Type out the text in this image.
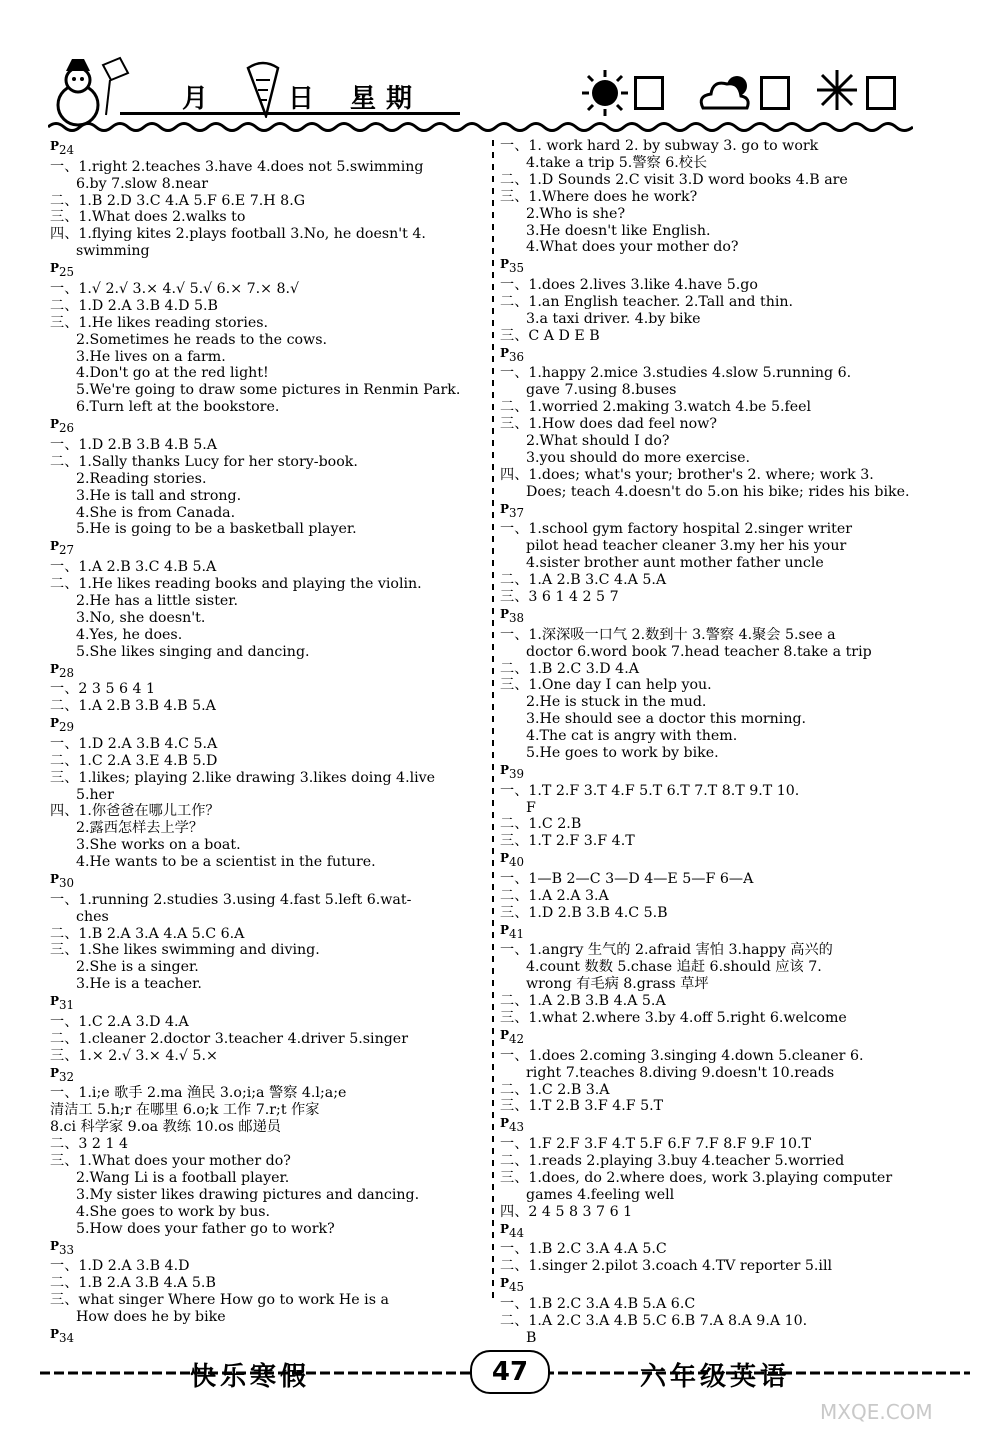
月	日 星期
$P_{24}$
一、1.right 2.teaches 3.have 4.does not 5.swimming
6.by 7.slow 8.near
二、1.B 2.D 3.C 4.A 5.F 6.E 7.H 8.G
三、1.What does 2.walks to
四、1.flying kites 2.plays football 3.No, he doesn't 4.
swimming
$P_{25}$
一、1.√ 2.√ 3.× 4.√ 5.√ 6.× 7.× 8.√
二、1.D 2.A 3.B 4.D 5.B
三、1.He likes reading stories.
2.Sometimes he reads to the cows.
3.He lives on a farm.
4.Don't go at the red light!
5.We're going to draw some pictures in Renmin Park.
6.Turn left at the bookstore.
$P_{26}$
一、1.D 2.B 3.B 4.B 5.A
二、1.Sally thanks Lucy for her story-book.
2.Reading stories.
3.He is tall and strong.
4.She is from Canada.
5.He is going to be a basketball player.
$P_{27}$
一、1.A 2.B 3.C 4.B 5.A
二、1.He likes reading books and playing the violin.
2.He has a little sister.
3.No, she doesn't.
4.Yes, he does.
5.She likes singing and dancing.
$P_{28}$
一、2 3 5 6 4 1
二、1.A 2.B 3.B 4.B 5.A
$P_{29}$
一、1.D 2.A 3.B 4.C 5.A
二、1.C 2.A 3.E 4.B 5.D
三、1.likes; playing 2.like drawing 3.likes doing 4.live
5.her
四、1.你爸爸在哪儿工作？
2.露西怎样去上学？
3.She works on a boat.
4.He wants to be a scientist in the future.
$P_{30}$
一、1.running 2.studies 3.using 4.fast 5.left 6.wat-
ches
二、1.B 2.A 3.A 4.A 5.C 6.A
三、1.She likes swimming and diving.
2.She is a singer.
3.He is a teacher.
$P_{31}$
一、1.C 2.A 3.D 4.A
二、1.cleaner 2.doctor 3.teacher 4.driver 5.singer
三、1.× 2.√ 3.× 4.√ 5.×
$P_{32}$
一、1.i;e 歌手 2.ma 渔民 3.o;i;a 警察 4.l;a;e
清洁工 5.h;r 在哪里 6.o;k 工作 7.r;t 作家
8.ci 科学家 9.oa 教练 10.os 邮递员
二、3 2 1 4
三、1.What does your mother do?
2.Wang Li is a football player.
3.My sister likes drawing pictures and dancing.
4.She goes to work by bus.
5.How does your father go to work?
$P_{33}$
一、1.D 2.A 3.B 4.D
二、1.B 2.A 3.B 4.A 5.B
三、what singer Where How go to work He is a
How does he by bike
$P_{34}$
一、1. work hard 2. by subway 3. go to work
4.take a trip 5.警察 6.校长
二、1.D Sounds 2.C visit 3.D word books 4.B are
三、1.Where does he work?
2.Who is she?
3.He doesn't like English.
4.What does your mother do?
$P_{35}$
一、1.does 2.lives 3.like 4.have 5.go
二、1.an English teacher. 2.Tall and thin.
3.a taxi driver. 4.by bike
三、C A D E B
$P_{36}$
一、1.happy 2.mice 3.studies 4.slow 5.running 6.
gave 7.using 8.buses
二、1.worried 2.making 3.watch 4.be 5.feel
三、1.How does dad feel now?
2.What should I do?
3.you should do more exercise.
四、1.does; what's your; brother's 2. where; work 3.
Does; teach 4.doesn't do 5.on his bike; rides his bike.
$P_{37}$
一、1.school gym factory hospital 2.singer writer
pilot head teacher cleaner 3.my her his your
4.sister brother aunt mother father uncle
二、1.A 2.B 3.C 4.A 5.A
三、3 6 1 4 2 5 7
$P_{38}$
一、1.深深吸一口气 2.数到十 3.警察 4.聚会 5.see a
doctor 6.word book 7.head teacher 8.take a trip
二、1.B 2.C 3.D 4.A
三、1.One day I can help you.
2.He is stuck in the mud.
3.He should see a doctor this morning.
4.The cat is angry with them.
5.He goes to work by bike.
$P_{39}$
一、1.T 2.F 3.T 4.F 5.T 6.T 7.T 8.T 9.T 10.
F
二、1.C 2.B
三、1.T 2.F 3.F 4.T
$P_{40}$
一、1—B 2—C 3—D 4—E 5—F 6—A
二、1.A 2.A 3.A
三、1.D 2.B 3.B 4.C 5.B
$P_{41}$
一、1.angry 生气的 2.afraid 害怕 3.happy 高兴的
4.count 数数 5.chase 追赶 6.should 应该 7.
wrong 有毛病 8.grass 草坪
二、1.A 2.B 3.B 4.A 5.A
三、1.what 2.where 3.by 4.off 5.right 6.welcome
$P_{42}$
一、1.does 2.coming 3.singing 4.down 5.cleaner 6.
right 7.teaches 8.diving 9.doesn't 10.reads
二、1.C 2.B 3.A
三、1.T 2.B 3.F 4.F 5.T
$P_{43}$
一、1.F 2.F 3.F 4.T 5.F 6.F 7.F 8.F 9.F 10.T
二、1.reads 2.playing 3.buy 4.teacher 5.worried
三、1.does, do 2.where does, work 3.playing computer
games 4.feeling well
四、2 4 5 8 3 7 6 1
$P_{44}$
一、1.B 2.C 3.A 4.A 5.C
二、1.singer 2.pilot 3.coach 4.TV reporter 5.ill
$P_{45}$
一、1.B 2.C 3.A 4.B 5.A 6.C
二、1.A 2.C 3.A 4.B 5.C 6.B 7.A 8.A 9.A 10.
B
快乐寒假	47	六年级英语
MXQE.COM
